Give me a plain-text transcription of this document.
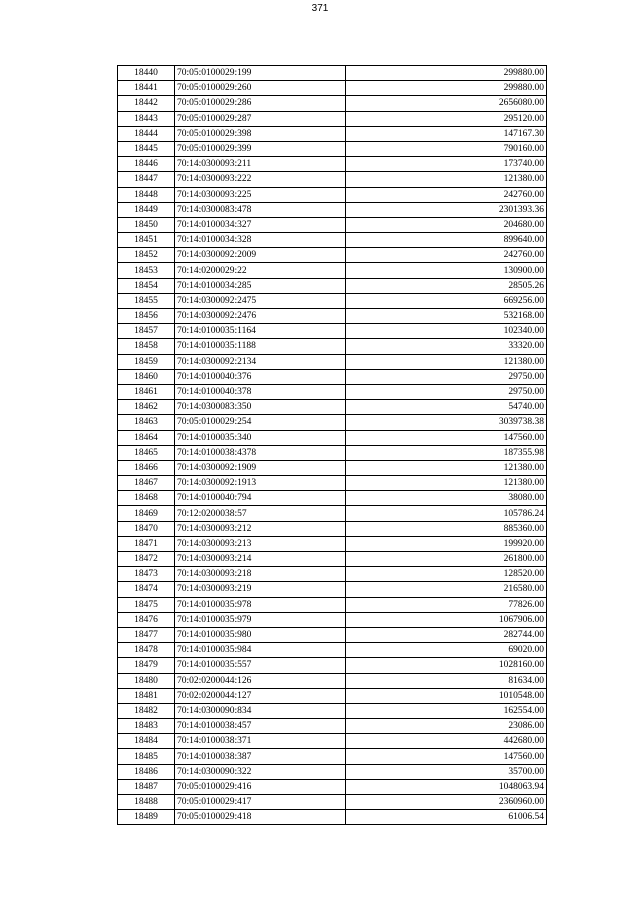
371
18440	70:05:0100029:199	299880.00
18441	70:05:0100029:260	299880.00
18442	70:05:0100029:286	2656080.00
18443	70:05:0100029:287	295120.00
18444	70:05:0100029:398	147167.30
18445	70:05:0100029:399	790160.00
18446	70:14:0300093:211	173740.00
18447	70:14:0300093:222	121380.00
18448	70:14:0300093:225	242760.00
18449	70:14:0300083:478	2301393.36
18450	70:14:0100034:327	204680.00
18451	70:14:0100034:328	899640.00
18452	70:14:0300092:2009	242760.00
18453	70:14:0200029:22	130900.00
18454	70:14:0100034:285	28505.26
18455	70:14:0300092:2475	669256.00
18456	70:14:0300092:2476	532168.00
18457	70:14:0100035:1164	102340.00
18458	70:14:0100035:1188	33320.00
18459	70:14:0300092:2134	121380.00
18460	70:14:0100040:376	29750.00
18461	70:14:0100040:378	29750.00
18462	70:14:0300083:350	54740.00
18463	70:05:0100029:254	3039738.38
18464	70:14:0100035:340	147560.00
18465	70:14:0100038:4378	187355.98
18466	70:14:0300092:1909	121380.00
18467	70:14:0300092:1913	121380.00
18468	70:14:0100040:794	38080.00
18469	70:12:0200038:57	105786.24
18470	70:14:0300093:212	885360.00
18471	70:14:0300093:213	199920.00
18472	70:14:0300093:214	261800.00
18473	70:14:0300093:218	128520.00
18474	70:14:0300093:219	216580.00
18475	70:14:0100035:978	77826.00
18476	70:14:0100035:979	1067906.00
18477	70:14:0100035:980	282744.00
18478	70:14:0100035:984	69020.00
18479	70:14:0100035:557	1028160.00
18480	70:02:0200044:126	81634.00
18481	70:02:0200044:127	1010548.00
18482	70:14:0300090:834	162554.00
18483	70:14:0100038:457	23086.00
18484	70:14:0100038:371	442680.00
18485	70:14:0100038:387	147560.00
18486	70:14:0300090:322	35700.00
18487	70:05:0100029:416	1048063.94
18488	70:05:0100029:417	2360960.00
18489	70:05:0100029:418	61006.54
